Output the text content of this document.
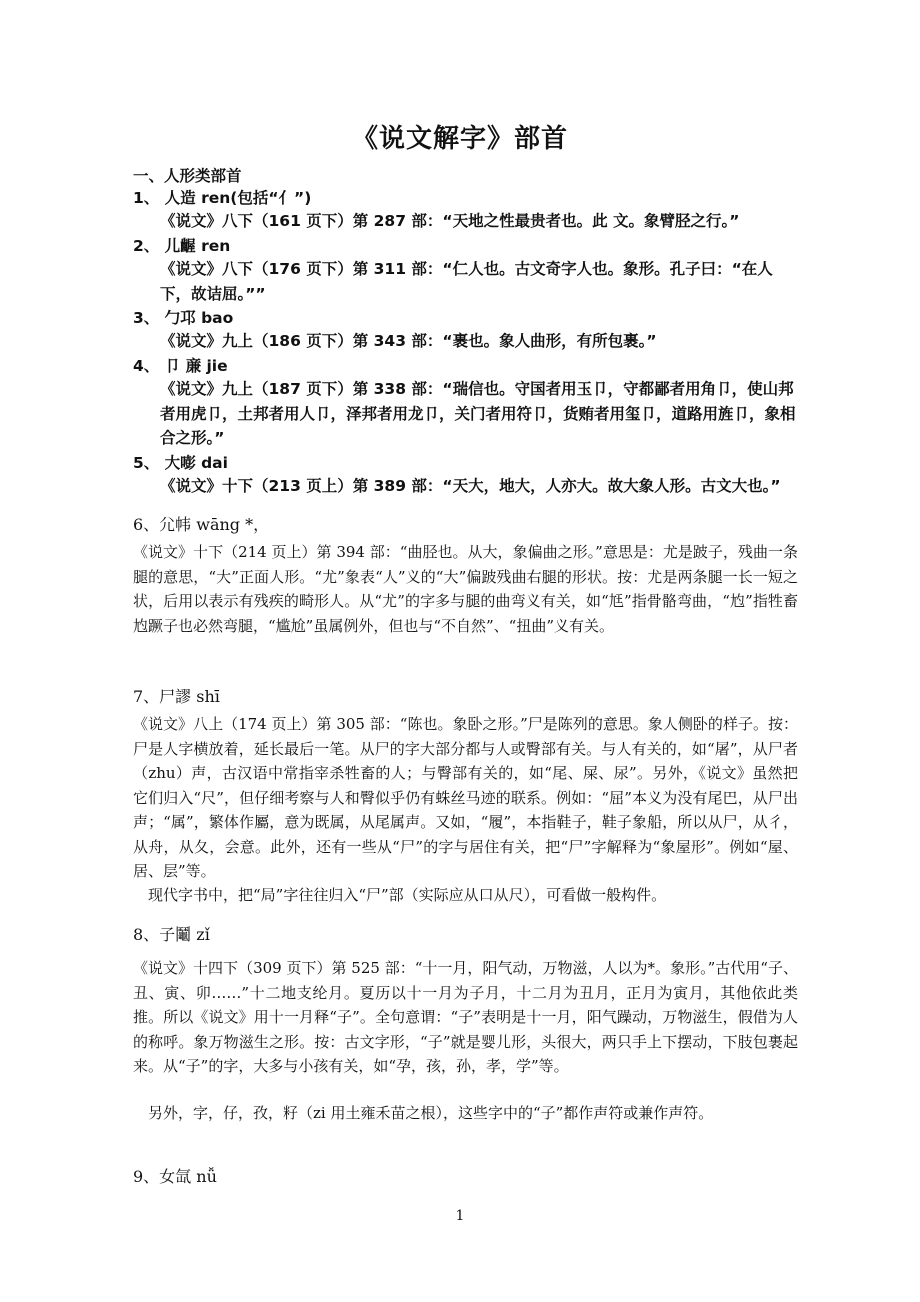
《说文解字》部首
一、人形类部首
1、 人造 ren(包括“亻”)
《说文》八下（161 页下）第 287 部：“天地之性最贵者也。此 文。象臂胫之行。”
2、 儿齷 ren
《说文》八下（176 页下）第 311 部：“仁人也。古文奇字人也。象形。孔子曰：“在人下，故诘屈。””
3、 勹邛 bao
《说文》九上（186 页下）第 343 部：“裹也。象人曲形，有所包裹。”
4、 卩 亷 jie
《说文》九上（187 页下）第 338 部：“瑞信也。守国者用玉卩，守都鄙者用角卩，使山邦者用虎卩，土邦者用人卩，泽邦者用龙卩，关门者用符卩，货贿者用玺卩，道路用旌卩，象相合之形。”
5、 大嘭 dai
《说文》十下（213 页上）第 389 部：“天大，地大，人亦大。故大象人形。古文大也。”
6、尣帏 wāng *，
《说文》十下（214 页上）第 394 部：“曲胫也。从大，象偏曲之形。”意思是：尤是跛子，残曲一条腿的意思，“大”正面人形。“尤”象表“人”义的“大”偏跛残曲右腿的形状。按：尤是两条腿一长一短之状，后用以表示有残疾的畸形人。从“尤”的字多与腿的曲弯义有关，如“尪”指骨骼弯曲，“尥”指牲畜尥蹶子也必然弯腿，“尴尬”虽属例外，但也与“不自然”、“扭曲”义有关。
7、尸謬 shī
《说文》八上（174 页上）第 305 部：“陈也。象卧之形。”尸是陈列的意思。象人侧卧的样子。按：尸是人字横放着，延长最后一笔。从尸的字大部分都与人或臀部有关。与人有关的，如“屠”，从尸者（zhu）声，古汉语中常指宰杀牲畜的人；与臀部有关的，如“尾、屎、尿”。另外，《说文》虽然把它们归入“尺”，但仔细考察与人和臀似乎仍有蛛丝马迹的联系。例如：“屈”本义为没有尾巴，从尸出声；“属”，繁体作屬，意为既属，从尾属声。又如，“履”，本指鞋子，鞋子象船，所以从尸，从彳，从舟，从夂，会意。此外，还有一些从“尸”的字与居住有关，把“尸”字解释为“象屋形”。例如“屋、 居、层”等。
现代字书中，把“局”字往往归入“尸”部（实际应从口从尺），可看做一般构件。
8、子鬮 zǐ
《说文》十四下（309 页下）第 525 部：“十一月，阳气动，万物滋，人以为*。象形。”古代用“子、丑、寅、卯……”十二地支纶月。夏历以十一月为子月，十二月为丑月，正月为寅月，其他依此类推。所以《说文》用十一月释“子”。全句意谓：“子”表明是十一月，阳气躁动，万物滋生，假借为人的称呼。象万物滋生之形。按：古文字形，“子”就是婴儿形，头很大，两只手上下摆动，下肢包裹起来。从“子”的字，大多与小孩有关，如“孕，孩，孙，孝，学”等。
另外，字，仔，孜，籽（zi 用土雍禾苗之根），这些字中的“子”都作声符或兼作声符。
9、女氙 nǚ
1
